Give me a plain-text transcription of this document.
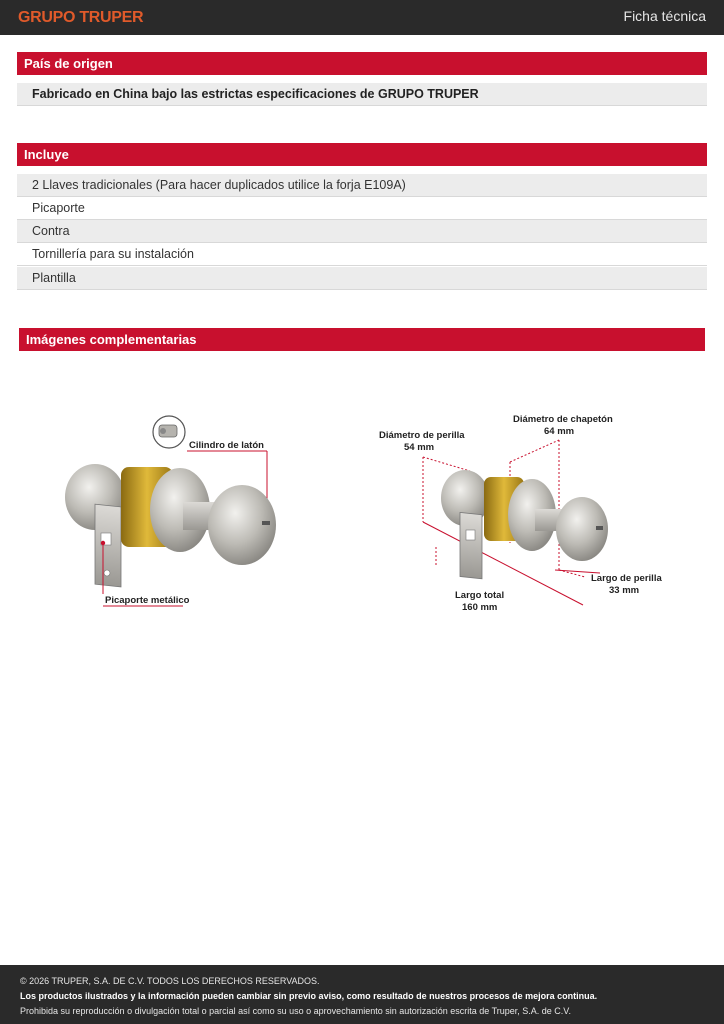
GRUPO TRUPER	Ficha técnica
País de origen
Fabricado en China bajo las estrictas especificaciones de GRUPO TRUPER
Incluye
2 Llaves tradicionales (Para hacer duplicados utilice la forja E109A)
Picaporte
Contra
Tornillería para su instalación
Plantilla
Imágenes complementarias
Cilindro de latón
Picaporte metálico
Diámetro de perilla
54 mm
Diámetro de chapetón
64 mm
Largo de perilla
33 mm
Largo total
160 mm
© 2026 TRUPER, S.A. DE C.V. TODOS LOS DERECHOS RESERVADOS.
Los productos ilustrados y la información pueden cambiar sin previo aviso, como resultado de nuestros procesos de mejora continua.
Prohibida su reproducción o divulgación total o parcial así como su uso o aprovechamiento sin autorización escrita de Truper, S.A. de C.V.
